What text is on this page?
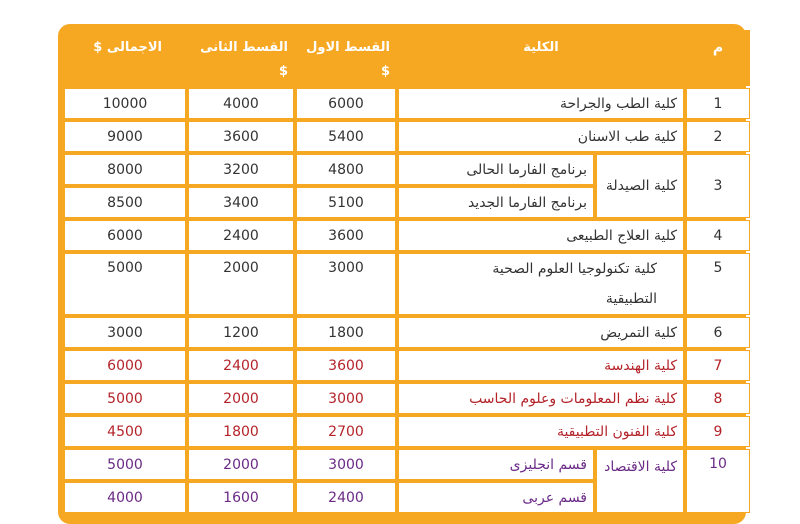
م	الكلية		القسط الاول $	القسط الثانى $	الاجمالى $
1	كلية الطب والجراحة		6000	4000	10000
2	كلية طب الاسنان		5400	3600	9000
3	كلية الصيدلة	برنامج الفارما الحالى	4800	3200	8000
		برنامج الفارما الجديد	5100	3400	8500
4	كلية العلاج الطبيعى		3600	2400	6000
5	كلية تكنولوجيا العلوم الصحية التطبيقية		3000	2000	5000
6	كلية التمريض		1800	1200	3000
7	كلية الهندسة		3600	2400	6000
8	كلية نظم المعلومات وعلوم الحاسب		3000	2000	5000
9	كلية الفنون التطبيقية		2700	1800	4500
10	كلية الاقتصاد	قسم انجليزى	3000	2000	5000
		قسم عربى	2400	1600	4000
